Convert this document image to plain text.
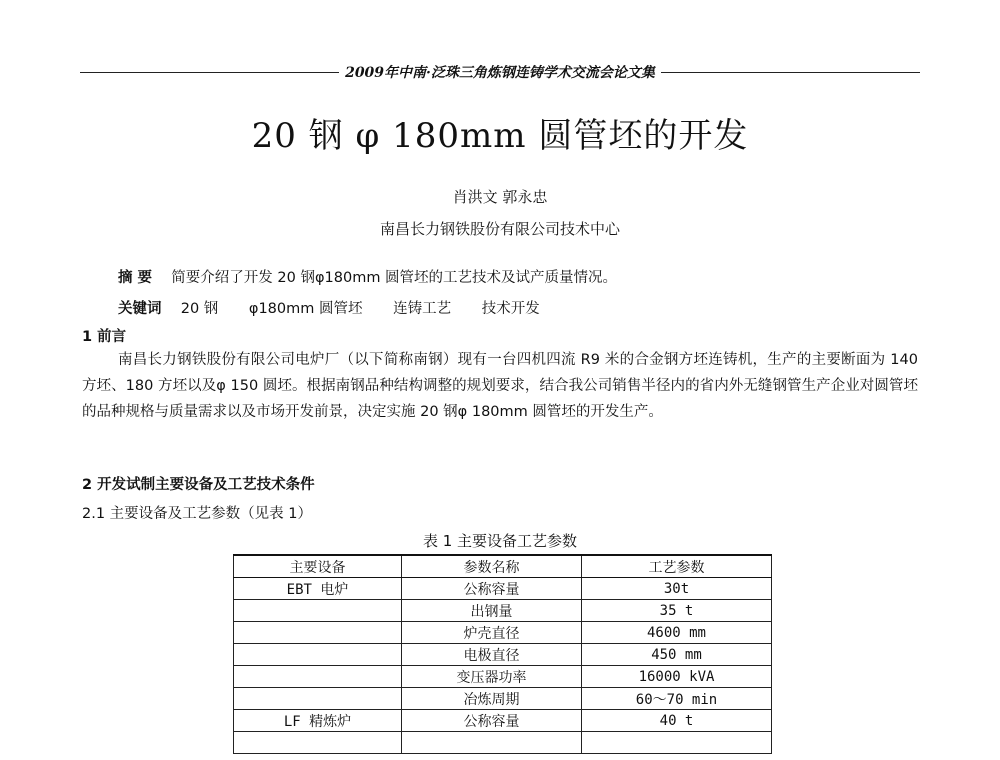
2009年中南·泛珠三角炼钢连铸学术交流会论文集
20 钢 φ 180mm 圆管坯的开发
肖洪文 郭永忠
南昌长力钢铁股份有限公司技术中心
摘 要 简要介绍了开发 20 钢φ180mm 圆管坯的工艺技术及试产质量情况。
关键词 20 钢 φ180mm 圆管坯 连铸工艺 技术开发
1 前言
南昌长力钢铁股份有限公司电炉厂（以下简称南钢）现有一台四机四流 R9 米的合金钢方坯连铸机，生产的主要断面为 140 方坯、180 方坯以及φ 150 圆坯。根据南钢品种结构调整的规划要求，结合我公司销售半径内的省内外无缝钢管生产企业对圆管坯的品种规格与质量需求以及市场开发前景，决定实施 20 钢φ 180mm 圆管坯的开发生产。
2 开发试制主要设备及工艺技术条件
2.1 主要设备及工艺参数（见表 1）
表 1 主要设备工艺参数
主要设备	参数名称	工艺参数
EBT 电炉	公称容量	30t
	出钢量	35 t
	炉壳直径	4600 mm
	电极直径	450 mm
	变压器功率	16000 kVA
	冶炼周期	60～70 min
LF 精炼炉	公称容量	40 t
